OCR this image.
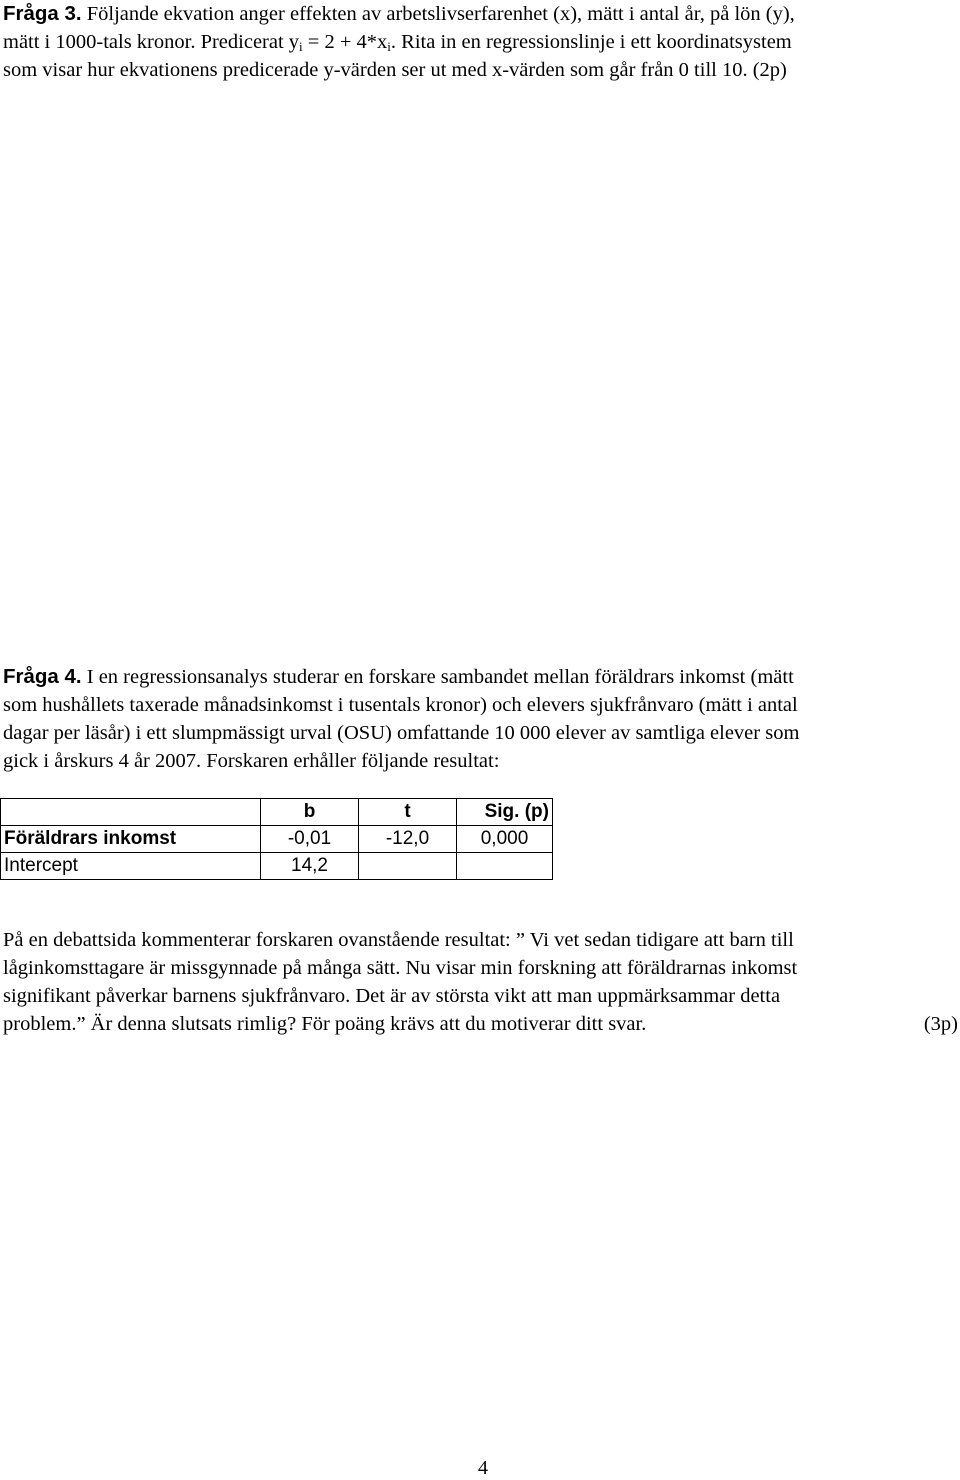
Fråga 3. Följande ekvation anger effekten av arbetslivserfarenhet (x), mätt i antal år, på lön (y),
mätt i 1000-tals kronor. Predicerat $y_i = 2 + 4*x_i$. Rita in en regressionslinje i ett koordinatsystem
som visar hur ekvationens predicerade y-värden ser ut med x-värden som går från 0 till 10. (2p)
Fråga 4. I en regressionsanalys studerar en forskare sambandet mellan föräldrars inkomst (mätt
som hushållets taxerade månadsinkomst i tusentals kronor) och elevers sjukfrånvaro (mätt i antal
dagar per läsår) i ett slumpmässigt urval (OSU) omfattande 10 000 elever av samtliga elever som
gick i årskurs 4 år 2007. Forskaren erhåller följande resultat:
	b	t	Sig. (p)
Föräldrars inkomst	-0,01	-12,0	0,000
Intercept	14,2		
På en debattsida kommenterar forskaren ovanstående resultat: ” Vi vet sedan tidigare att barn till
låginkomsttagare är missgynnade på många sätt. Nu visar min forskning att föräldrarnas inkomst
signifikant påverkar barnens sjukfrånvaro. Det är av största vikt att man uppmärksammar detta
problem.” Är denna slutsats rimlig? För poäng krävs att du motiverar ditt svar.	(3p)
4
